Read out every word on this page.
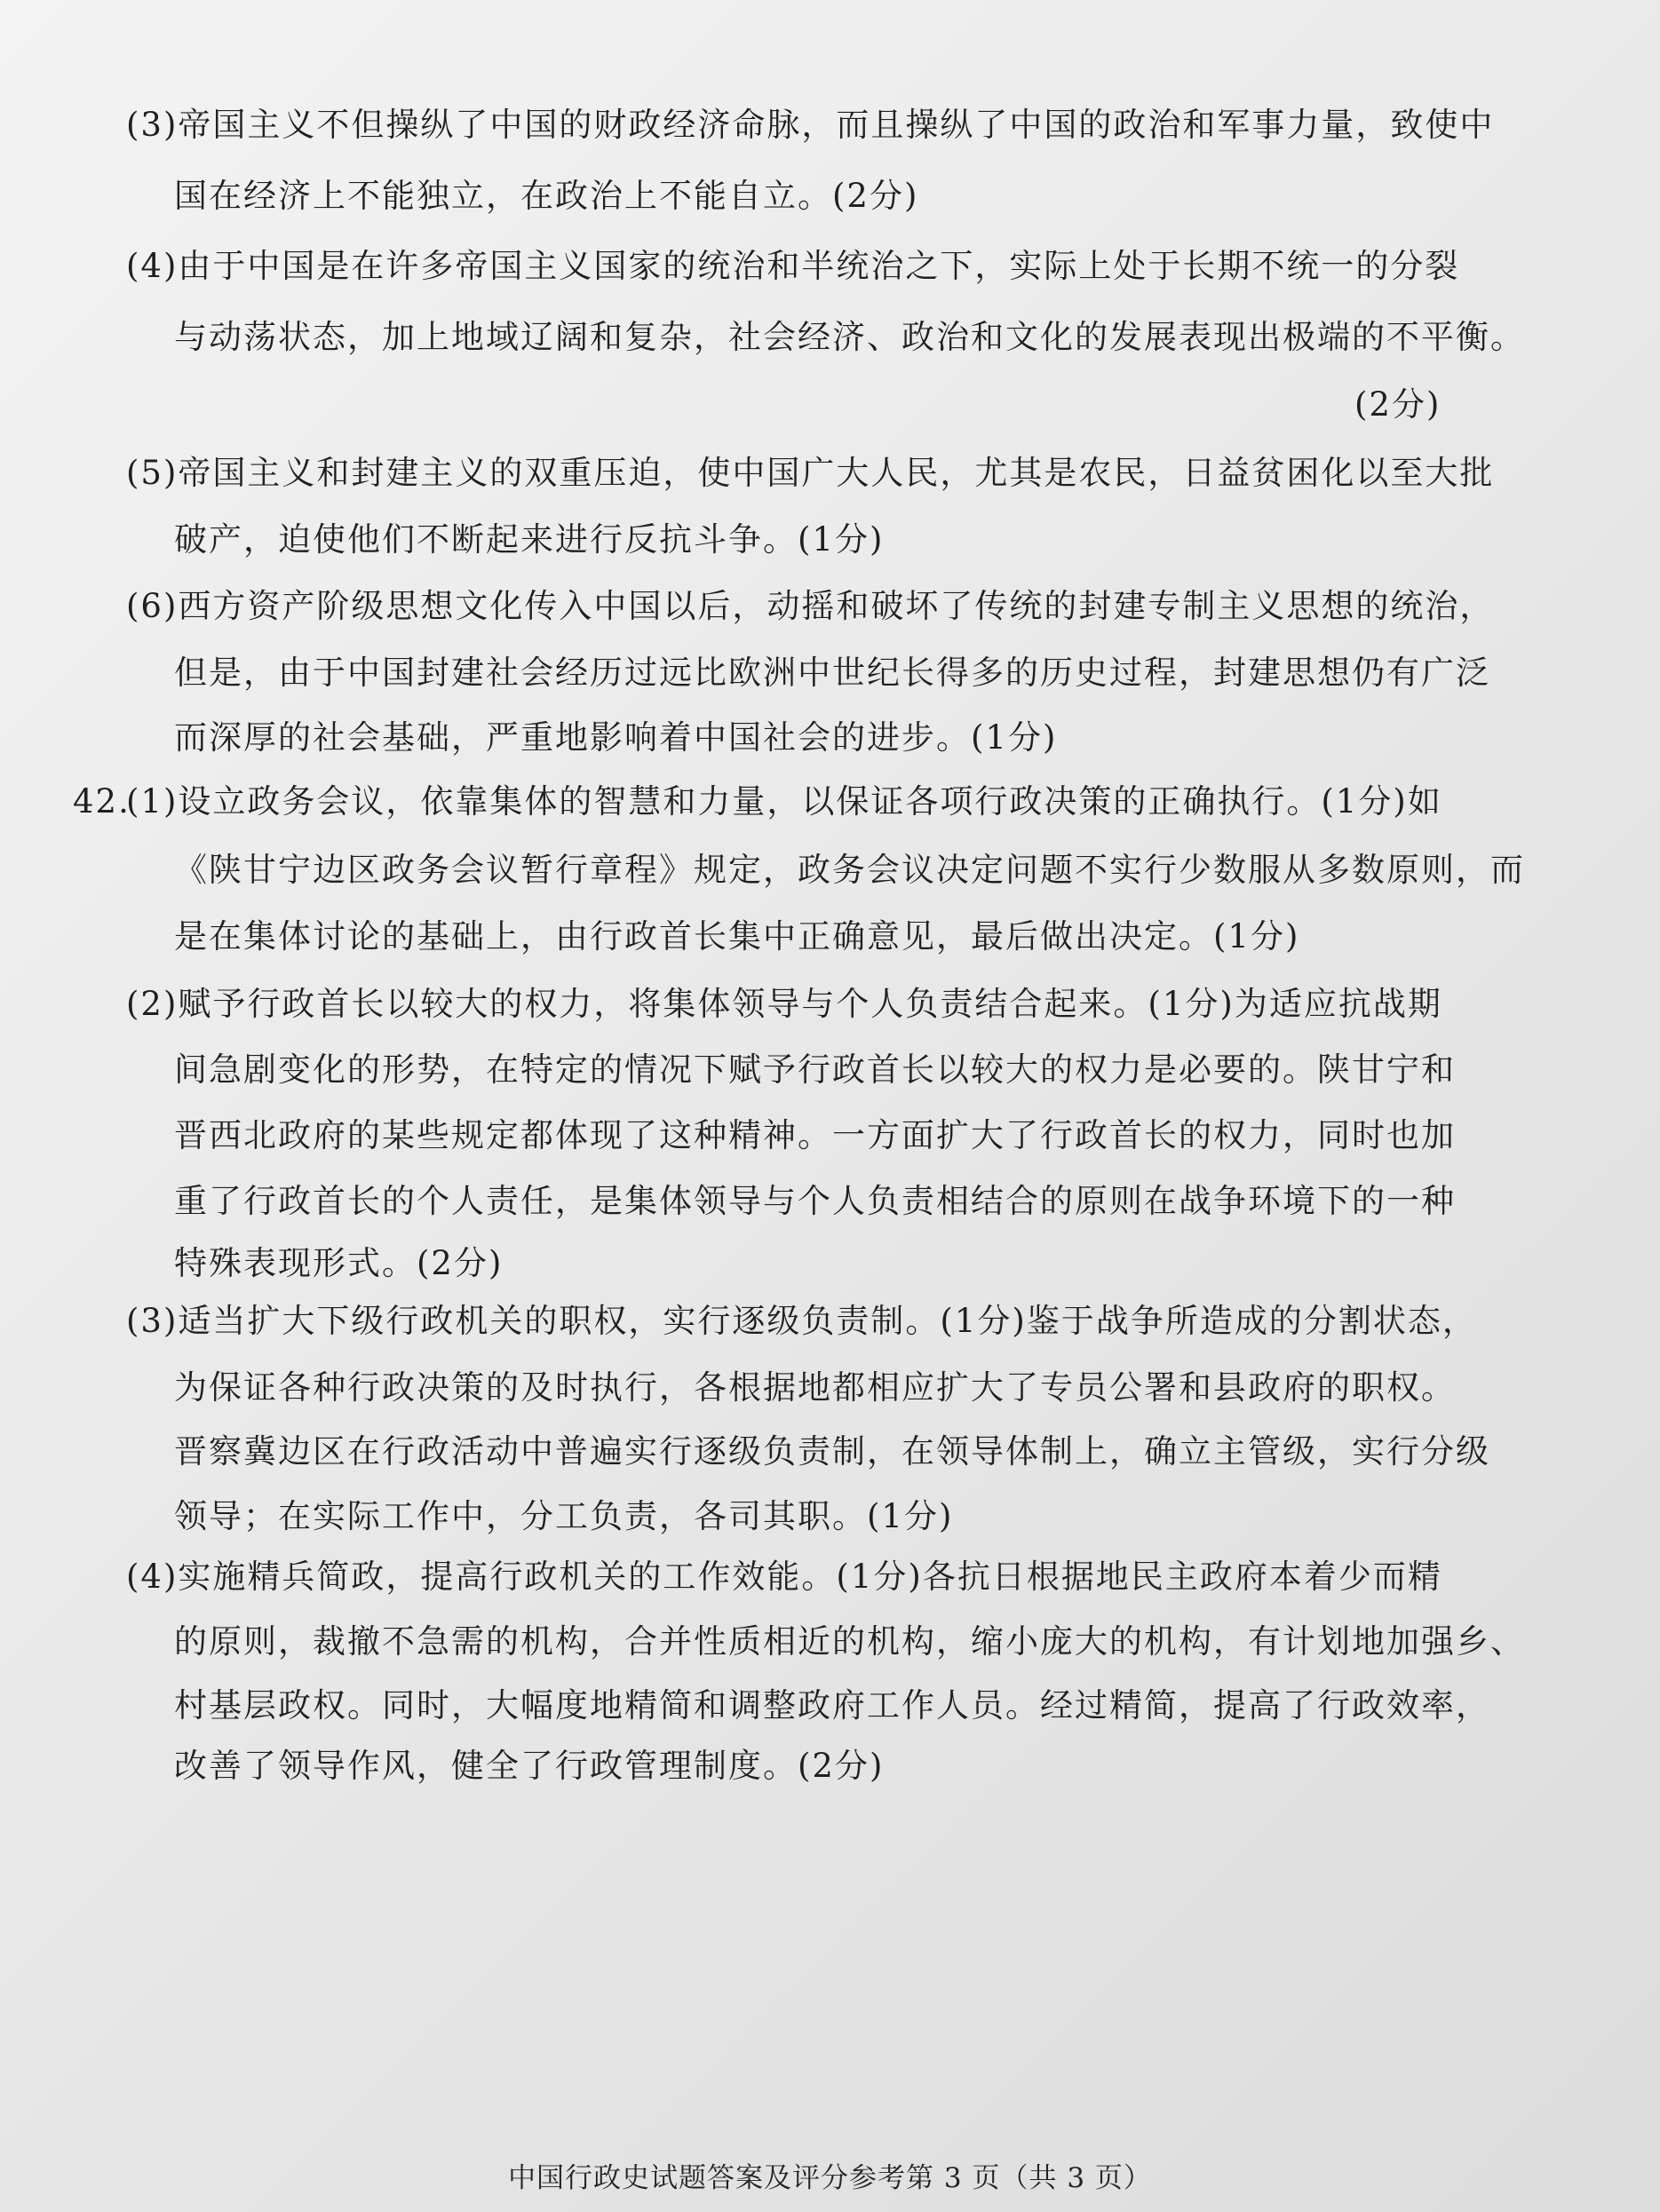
(3)帝国主义不但操纵了中国的财政经济命脉，而且操纵了中国的政治和军事力量，致使中
国在经济上不能独立，在政治上不能自立。(2分)
(4)由于中国是在许多帝国主义国家的统治和半统治之下，实际上处于长期不统一的分裂
与动荡状态，加上地域辽阔和复杂，社会经济、政治和文化的发展表现出极端的不平衡。
(2分)
(5)帝国主义和封建主义的双重压迫，使中国广大人民，尤其是农民，日益贫困化以至大批
破产，迫使他们不断起来进行反抗斗争。(1分)
(6)西方资产阶级思想文化传入中国以后，动摇和破坏了传统的封建专制主义思想的统治，
但是，由于中国封建社会经历过远比欧洲中世纪长得多的历史过程，封建思想仍有广泛
而深厚的社会基础，严重地影响着中国社会的进步。(1分)
42.
(1)设立政务会议，依靠集体的智慧和力量，以保证各项行政决策的正确执行。(1分)如
《陕甘宁边区政务会议暂行章程》规定，政务会议决定问题不实行少数服从多数原则，而
是在集体讨论的基础上，由行政首长集中正确意见，最后做出决定。(1分)
(2)赋予行政首长以较大的权力，将集体领导与个人负责结合起来。(1分)为适应抗战期
间急剧变化的形势，在特定的情况下赋予行政首长以较大的权力是必要的。陕甘宁和
晋西北政府的某些规定都体现了这种精神。一方面扩大了行政首长的权力，同时也加
重了行政首长的个人责任，是集体领导与个人负责相结合的原则在战争环境下的一种
特殊表现形式。(2分)
(3)适当扩大下级行政机关的职权，实行逐级负责制。(1分)鉴于战争所造成的分割状态，
为保证各种行政决策的及时执行，各根据地都相应扩大了专员公署和县政府的职权。
晋察冀边区在行政活动中普遍实行逐级负责制，在领导体制上，确立主管级，实行分级
领导；在实际工作中，分工负责，各司其职。(1分)
(4)实施精兵简政，提高行政机关的工作效能。(1分)各抗日根据地民主政府本着少而精
的原则，裁撤不急需的机构，合并性质相近的机构，缩小庞大的机构，有计划地加强乡、
村基层政权。同时，大幅度地精简和调整政府工作人员。经过精简，提高了行政效率，
改善了领导作风，健全了行政管理制度。(2分)
中国行政史试题答案及评分参考第 3 页（共 3 页）
